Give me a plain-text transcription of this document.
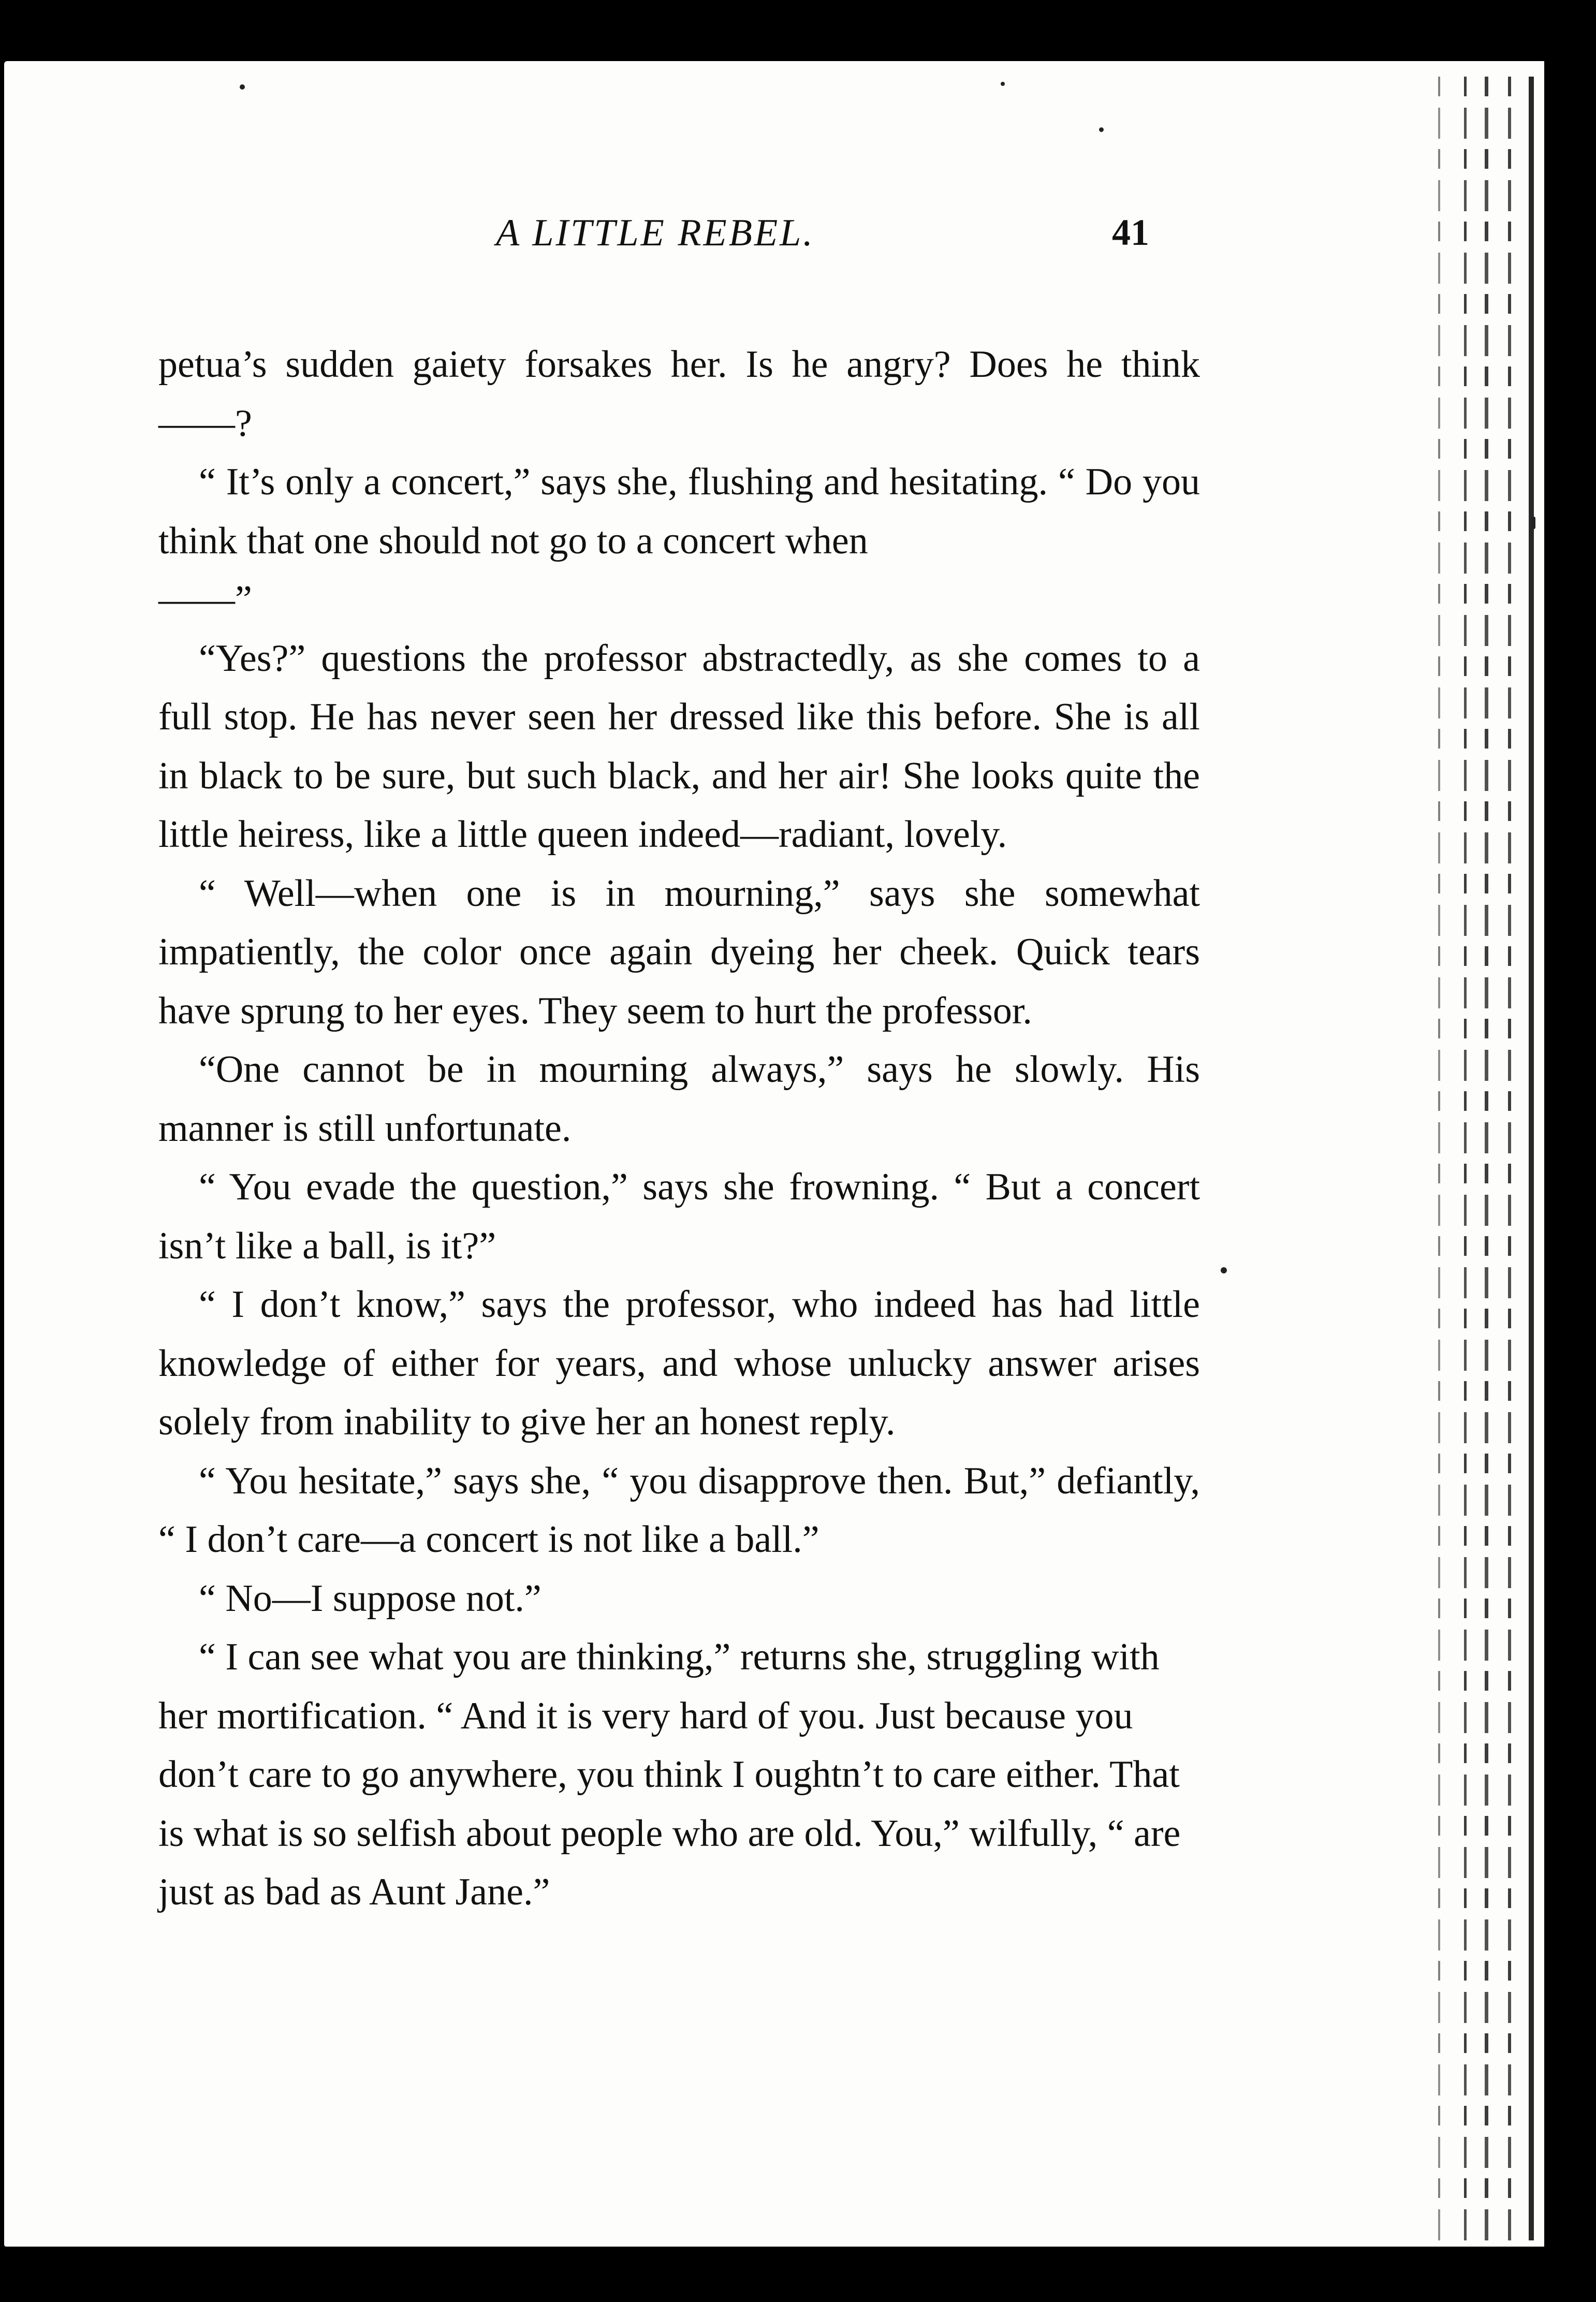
A LITTLE REBEL.	41

petua’s sudden gaiety forsakes her. Is he angry? Does he think——?

“ It’s only a concert,” says she, flushing and hesitating. “ Do you think that one should not go to a concert when

——”

“Yes?” questions the professor abstractedly, as she comes to a full stop. He has never seen her dressed like this before. She is all in black to be sure, but such black, and her air! She looks quite the little heiress, like a little queen indeed—radiant, lovely.

“ Well—when one is in mourning,” says she somewhat impatiently, the color once again dyeing her cheek. Quick tears have sprung to her eyes. They seem to hurt the professor.

“One cannot be in mourning always,” says he slowly. His manner is still unfortunate.

“ You evade the question,” says she frowning. “ But a concert isn’t like a ball, is it?”

“ I don’t know,” says the professor, who indeed has had little knowledge of either for years, and whose unlucky answer arises solely from inability to give her an honest reply.

“ You hesitate,” says she, “ you disapprove then. But,” defiantly, “ I don’t care—a concert is not like a ball.”

“ No—I suppose not.”

“ I can see what you are thinking,” returns she, struggling with her mortification. “ And it is very hard of you. Just because you don’t care to go anywhere, you think I oughtn’t to care either. That is what is so selfish about people who are old. You,” wilfully, “ are just as bad as Aunt Jane.”
